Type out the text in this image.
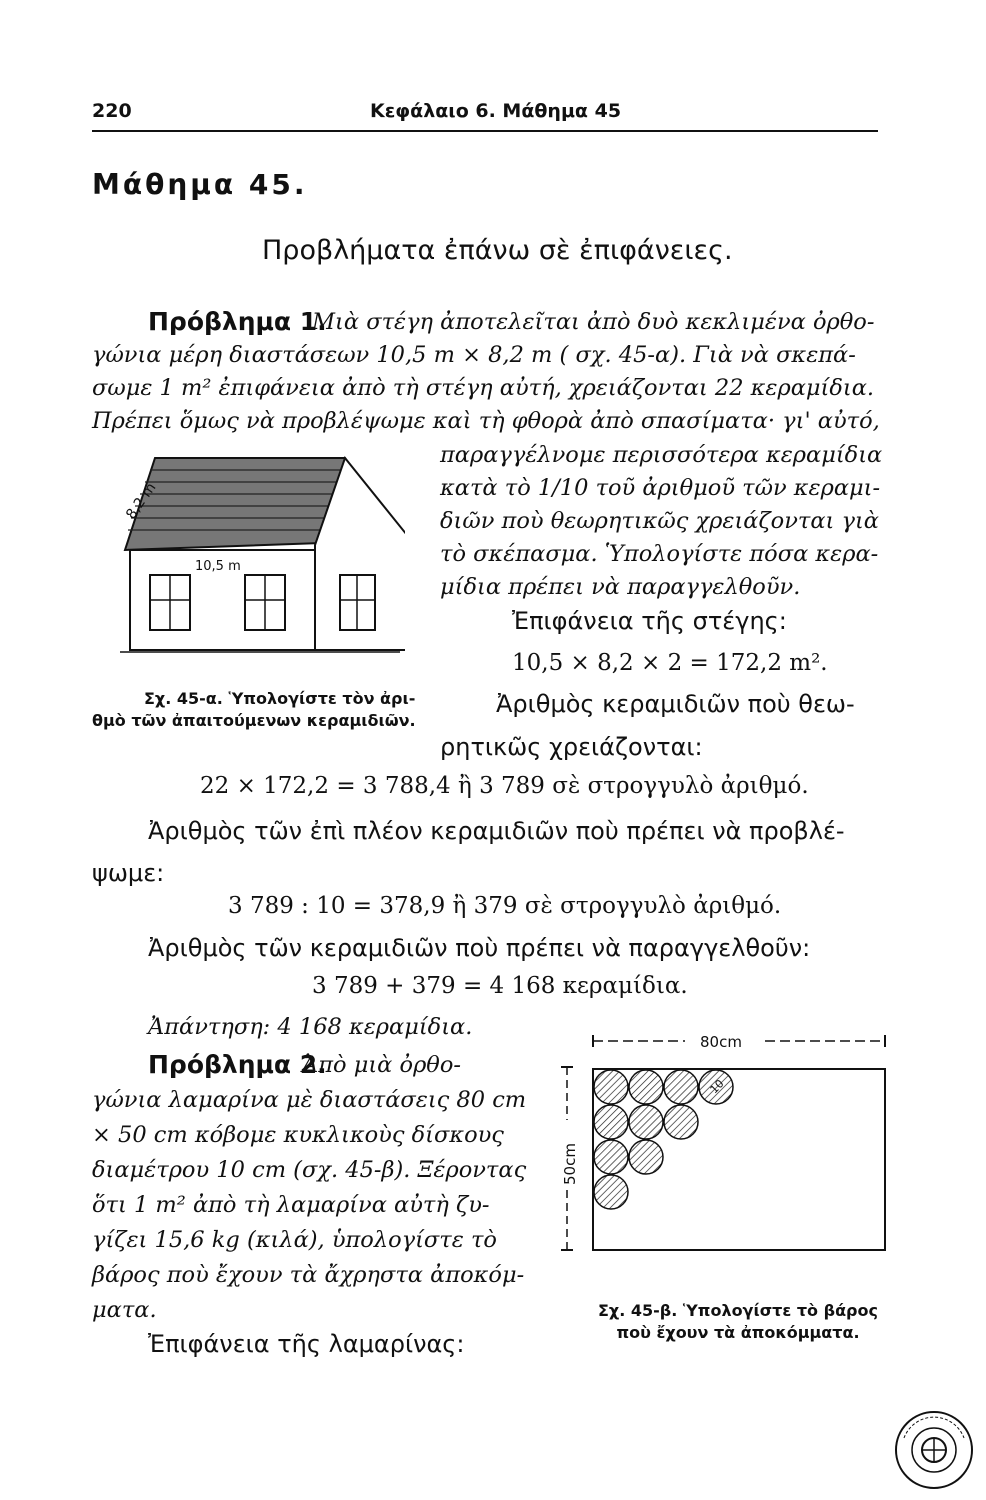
220	Κεφάλαιο 6. Μάθημα 45
Μάθημα 45.
Προβλήματα ἐπάνω σὲ ἐπιφάνειες.
Πρόβλημα 1.
Μιὰ στέγη ἀποτελεῖται ἀπὸ δυὸ κεκλιμένα ὀρθο-
γώνια μέρη διαστάσεων 10,5 m × 8,2 m ( σχ. 45-α). Γιὰ νὰ σκεπά-
σωμε 1 m² ἐπιφάνεια ἀπὸ τὴ στέγη αὐτή, χρειάζονται 22 κεραμίδια.
Πρέπει ὅμως νὰ προβλέψωμε καὶ τὴ φθορὰ ἀπὸ σπασίματα· γι' αὐτό,
παραγγέλνομε περισσότερα κεραμίδια
κατὰ τὸ 1/10 τοῦ ἀριθμοῦ τῶν κεραμι-
διῶν ποὺ θεωρητικῶς χρειάζονται γιὰ
τὸ σκέπασμα. Ὑπολογίστε πόσα κερα-
μίδια πρέπει νὰ παραγγελθοῦν.
Ἐπιφάνεια τῆς στέγης:
10,5 × 8,2 × 2 = 172,2 m².
Ἀριθμὸς κεραμιδιῶν ποὺ θεω-
ρητικῶς χρειάζονται:
22 × 172,2 = 3 788,4 ἢ 3 789 σὲ στρογγυλὸ ἀριθμό.
Ἀριθμὸς τῶν ἐπὶ πλέον κεραμιδιῶν ποὺ πρέπει νὰ προβλέ-
ψωμε:
3 789 : 10 = 378,9 ἢ 379 σὲ στρογγυλὸ ἀριθμό.
Ἀριθμὸς τῶν κεραμιδιῶν ποὺ πρέπει νὰ παραγγελθοῦν:
3 789 + 379 = 4 168 κεραμίδια.
Ἀπάντηση: 4 168 κεραμίδια.
8,2 m
10,5 m
Σχ. 45-α. Ὑπολογίστε τὸν ἀρι-
θμὸ τῶν ἀπαιτούμενων κεραμιδιῶν.
Πρόβλημα 2.
Ἀπὸ μιὰ ὀρθο-
γώνια λαμαρίνα μὲ διαστάσεις 80 cm
× 50 cm κόβομε κυκλικοὺς δίσκους
διαμέτρου 10 cm (σχ. 45-β). Ξέροντας
ὅτι 1 m² ἀπὸ τὴ λαμαρίνα αὐτὴ ζυ-
γίζει 15,6 kg (κιλά), ὑπολογίστε τὸ
βάρος ποὺ ἔχουν τὰ ἄχρηστα ἀποκόμ-
ματα.
Ἐπιφάνεια τῆς λαμαρίνας:
80cm
50cm
10
Σχ. 45-β. Ὑπολογίστε τὸ βάρος
ποὺ ἔχουν τὰ ἀποκόμματα.
